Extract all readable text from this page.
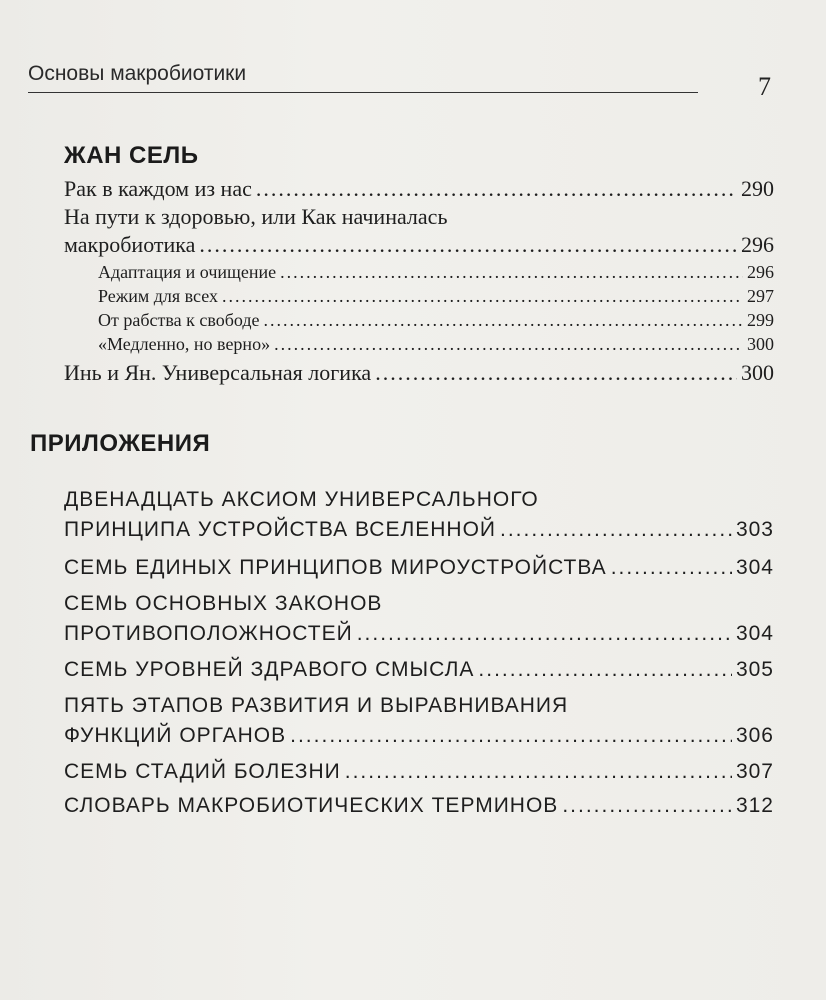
Основы макробиотики	7
ЖАН СЕЛЬ
Рак в каждом из нас .....	290
На пути к здоровью, или Как начиналась
макробиотика .....	296
Адаптация и очищение .....	296
Режим для всех .....	297
От рабства к свободе .....	299
«Медленно, но верно» .....	300
Инь и Ян. Универсальная логика .....	300
ПРИЛОЖЕНИЯ
ДВЕНАДЦАТЬ АКСИОМ УНИВЕРСАЛЬНОГО
ПРИНЦИПА УСТРОЙСТВА ВСЕЛЕННОЙ .....	303
СЕМЬ ЕДИНЫХ ПРИНЦИПОВ МИРОУСТРОЙСТВА .....	304
СЕМЬ ОСНОВНЫХ ЗАКОНОВ
ПРОТИВОПОЛОЖНОСТЕЙ .....	304
СЕМЬ УРОВНЕЙ ЗДРАВОГО СМЫСЛА .....	305
ПЯТЬ ЭТАПОВ РАЗВИТИЯ И ВЫРАВНИВАНИЯ
ФУНКЦИЙ ОРГАНОВ .....	306
СЕМЬ СТАДИЙ БОЛЕЗНИ .....	307
СЛОВАРЬ МАКРОБИОТИЧЕСКИХ ТЕРМИНОВ .....	312
